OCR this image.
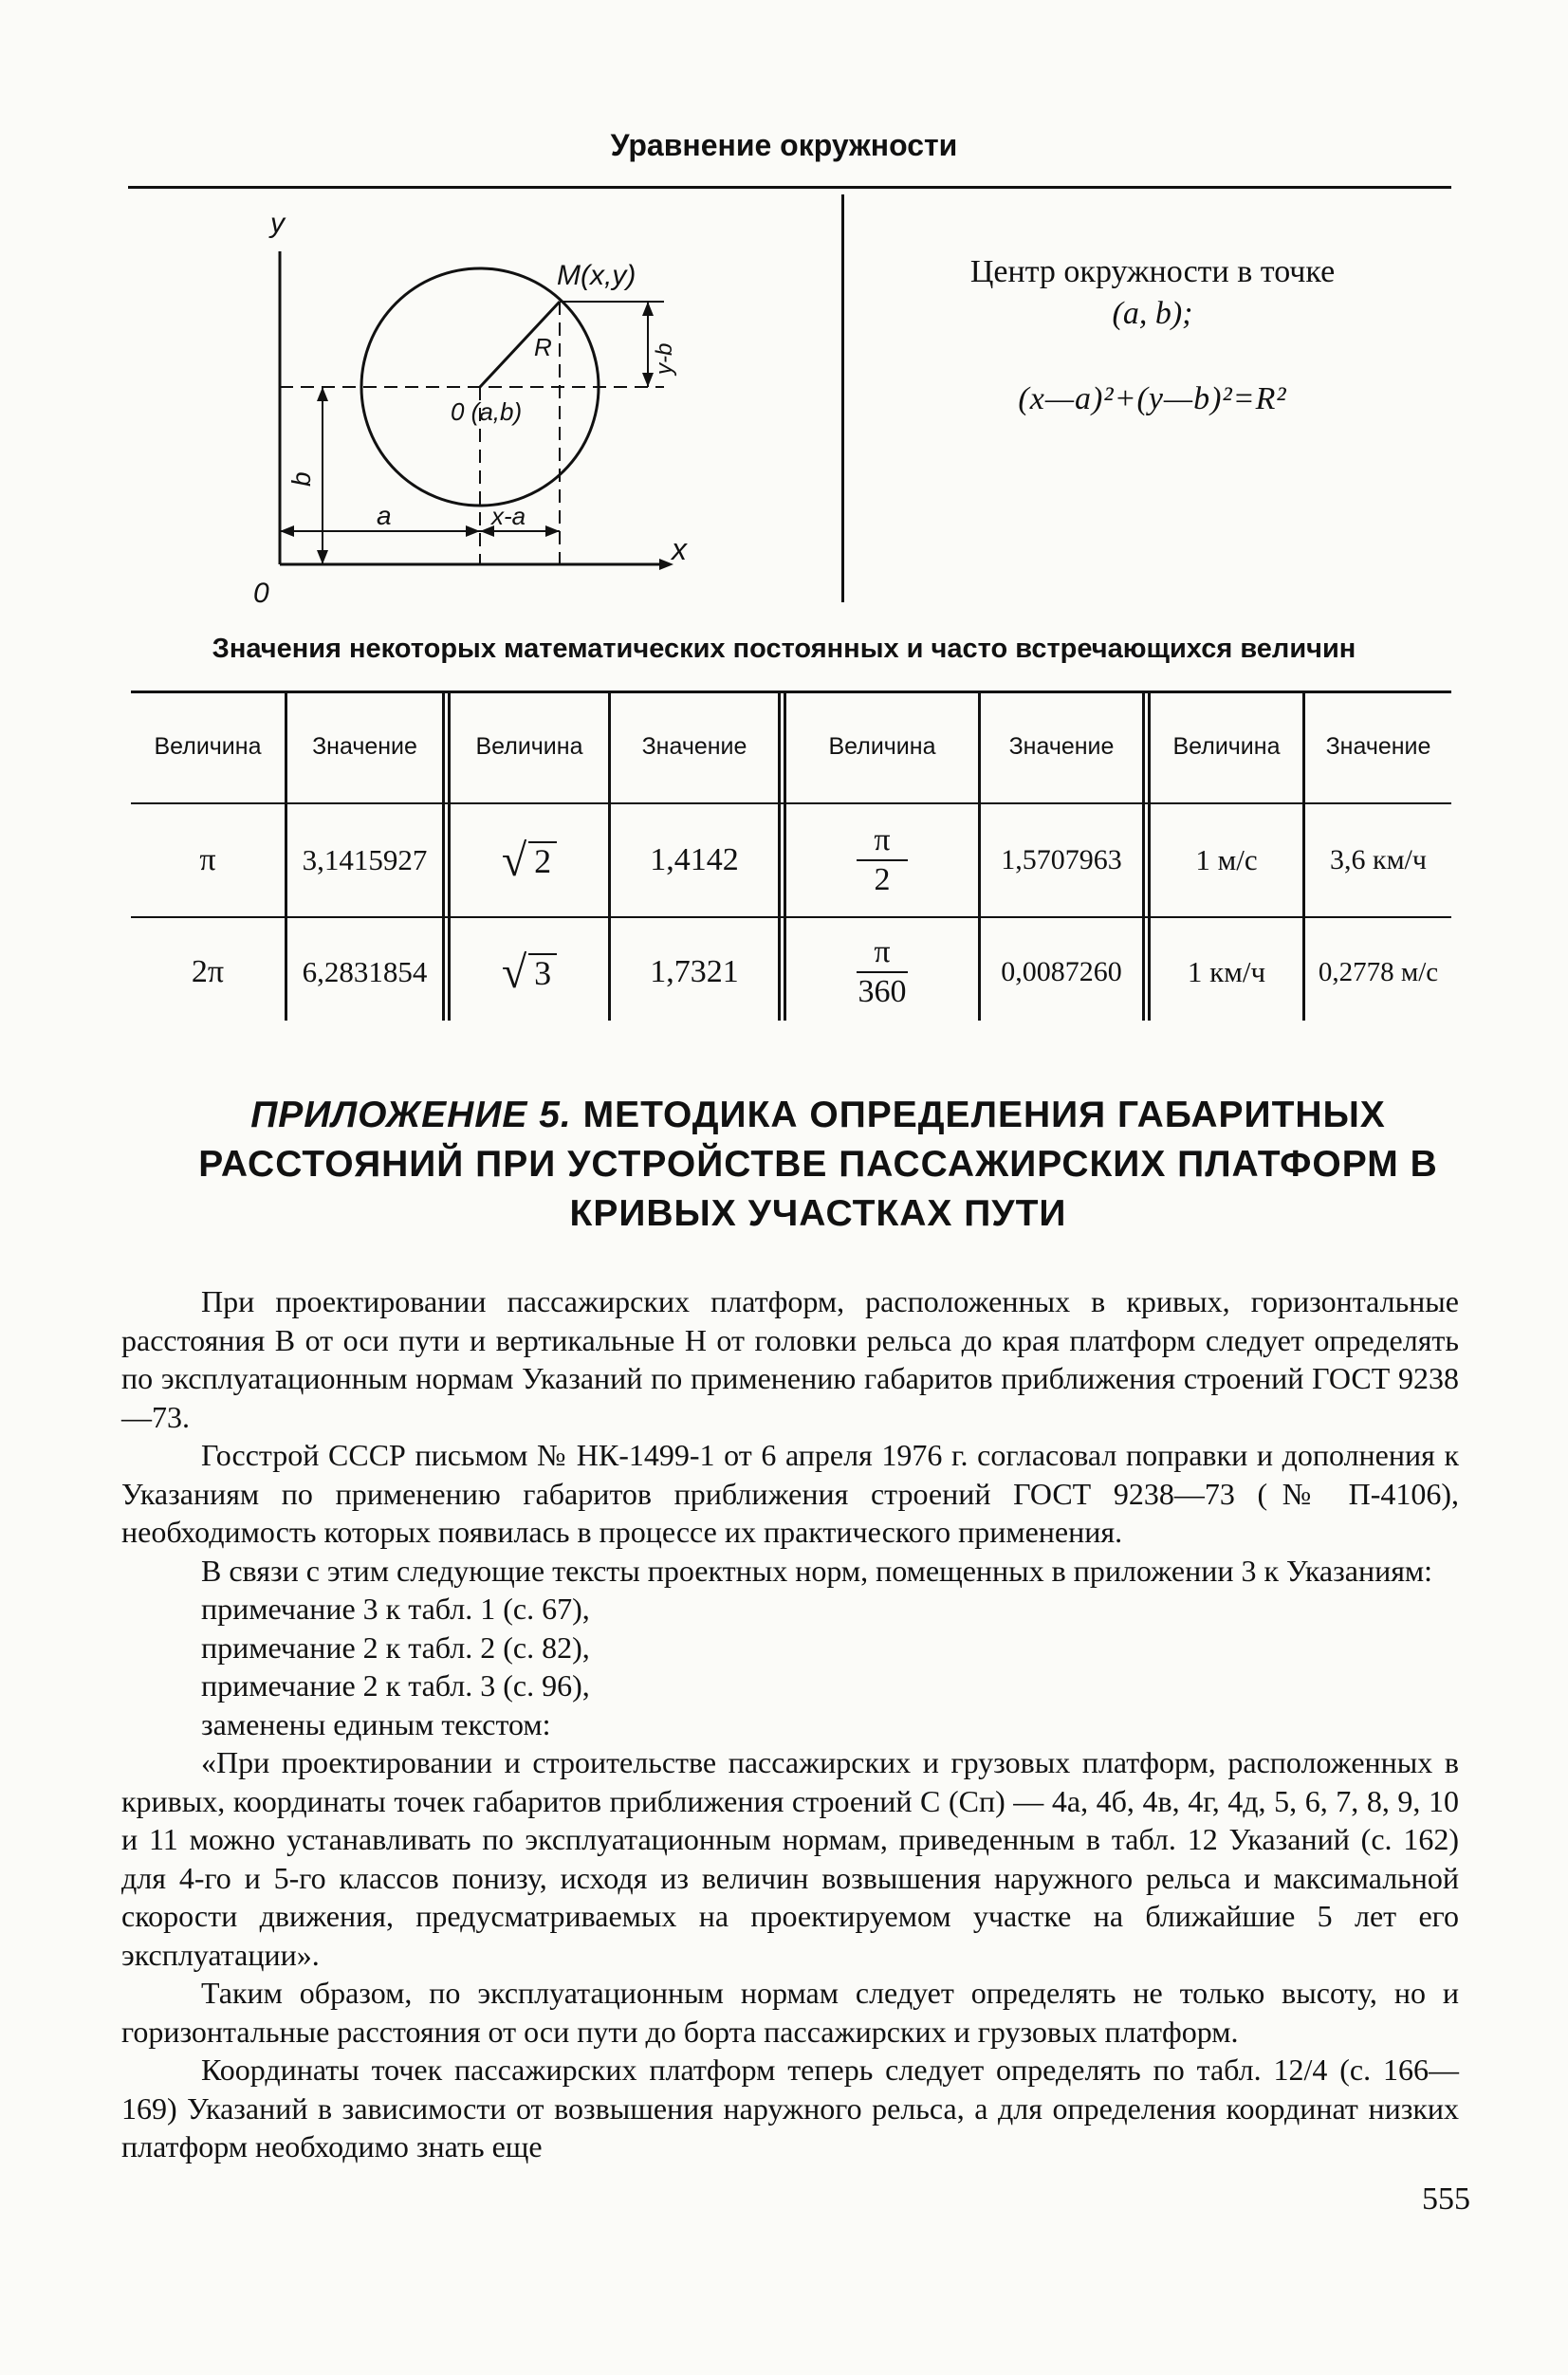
Уравнение окружности
y
x
0
M(x,y)
0 (a,b)
a	x-a
b
y-b
R
Центр окружности в точке
(a, b);
(x—a)²+(y—b)²=R²
Значения некоторых математических постоянных и часто встречающихся величин
Величина	Значение	Величина	Значение	Величина	Значение	Величина	Значение
π	3,1415927	√ 2	1,4142	$\frac{\pi}{2}$	1,5707963	1 м/с	3,6 км/ч
2π	6,2831854	√ 3	1,7321	$\frac{\pi}{360}$	0,0087260	1 км/ч	0,2778 м/с
ПРИЛОЖЕНИЕ 5. МЕТОДИКА ОПРЕДЕЛЕНИЯ ГАБАРИТНЫХ РАССТОЯНИЙ ПРИ УСТРОЙСТВЕ ПАССАЖИРСКИХ ПЛАТФОРМ В КРИВЫХ УЧАСТКАХ ПУТИ

При проектировании пассажирских платформ, расположенных в кривых, горизонтальные расстояния B от оси пути и вертикальные H от головки рельса до края платформ следует определять по эксплуатационным нормам Указаний по применению габаритов приближения строений ГОСТ 9238—73.

Госстрой СССР письмом № НК-1499-1 от 6 апреля 1976 г. согласовал поправки и дополнения к Указаниям по применению габаритов приближения строений ГОСТ 9238—73 (№ П-4106), необходимость которых появилась в процессе их практического применения.

В связи с этим следующие тексты проектных норм, помещенных в приложении 3 к Указаниям:

примечание 3 к табл. 1 (с. 67),
примечание 2 к табл. 2 (с. 82),
примечание 2 к табл. 3 (с. 96),
заменены единым текстом:

«При проектировании и строительстве пассажирских и грузовых платформ, расположенных в кривых, координаты точек габаритов приближения строений С (Сп) — 4а, 4б, 4в, 4г, 4д, 5, 6, 7, 8, 9, 10 и 11 можно устанавливать по эксплуатационным нормам, приведенным в табл. 12 Указаний (с. 162) для 4-го и 5-го классов понизу, исходя из величин возвышения наружного рельса и максимальной скорости движения, предусматриваемых на проектируемом участке на ближайшие 5 лет его эксплуатации».

Таким образом, по эксплуатационным нормам следует определять не только высоту, но и горизонтальные расстояния от оси пути до борта пассажирских и грузовых платформ.

Координаты точек пассажирских платформ теперь следует определять по табл. 12/4 (с. 166—169) Указаний в зависимости от возвышения наружного рельса, а для определения координат низких платформ необходимо знать еще

555
